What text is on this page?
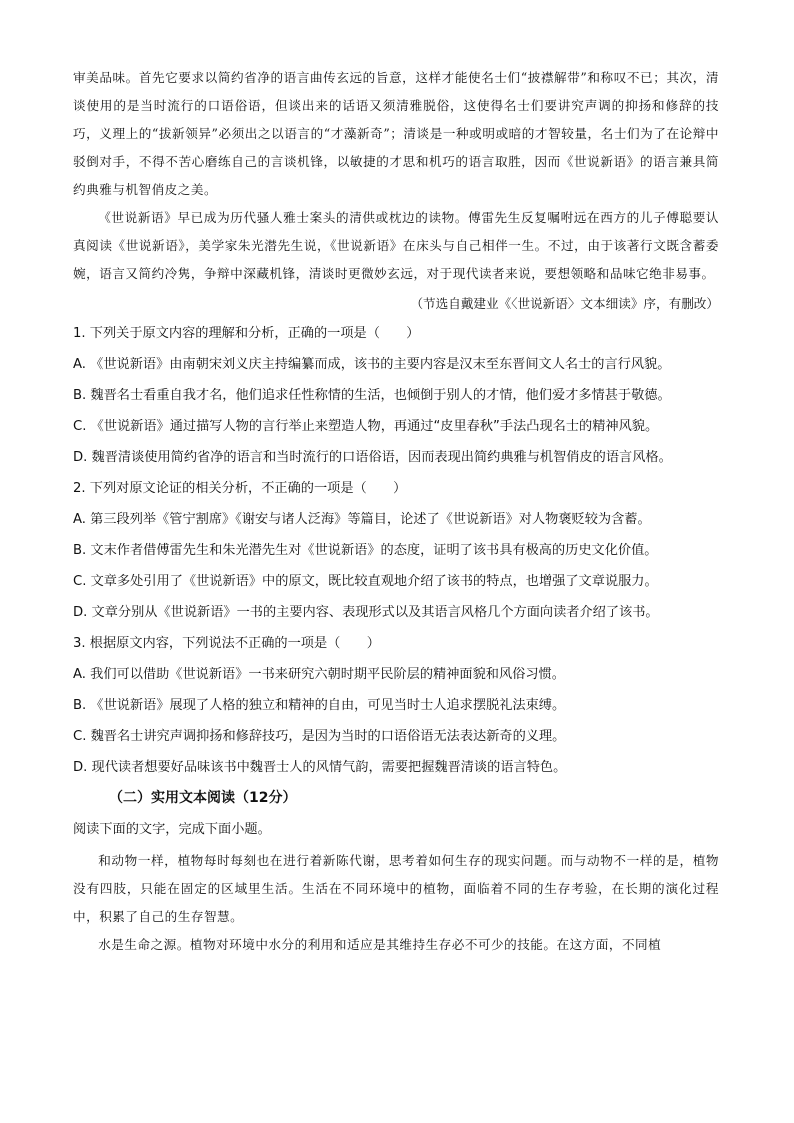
审美品味。首先它要求以简约省净的语言曲传玄远的旨意，这样才能使名士们“披襟解带”和称叹不已；其次，清谈使用的是当时流行的口语俗语，但谈出来的话语又须清雅脱俗，这使得名士们要讲究声调的抑扬和修辞的技巧，义理上的“拔新领异”必须出之以语言的“才藻新奇”；清谈是一种或明或暗的才智较量，名士们为了在论辩中驳倒对手，不得不苦心磨练自己的言谈机锋，以敏捷的才思和机巧的语言取胜，因而《世说新语》的语言兼具简约典雅与机智俏皮之美。

《世说新语》早已成为历代骚人雅士案头的清供或枕边的读物。傅雷先生反复嘱咐远在西方的儿子傅聪要认真阅读《世说新语》，美学家朱光潜先生说，《世说新语》在床头与自己相伴一生。不过，由于该著行文既含蓄委婉，语言又简约冷隽，争辩中深藏机锋，清谈时更微妙玄远，对于现代读者来说，要想领略和品味它绝非易事。

（节选自戴建业《〈世说新语〉文本细读》序，有删改）

1. 下列关于原文内容的理解和分析，正确的一项是（　　）

A. 《世说新语》由南朝宋刘义庆主持编纂而成，该书的主要内容是汉末至东晋间文人名士的言行风貌。

B. 魏晋名士看重自我才名，他们追求任性称情的生活，也倾倒于别人的才情，他们爱才多情甚于敬德。

C. 《世说新语》通过描写人物的言行举止来塑造人物，再通过“皮里春秋”手法凸现名士的精神风貌。

D. 魏晋清谈使用简约省净的语言和当时流行的口语俗语，因而表现出简约典雅与机智俏皮的语言风格。

2. 下列对原文论证的相关分析，不正确的一项是（　　）

A. 第三段列举《管宁割席》《谢安与诸人泛海》等篇目，论述了《世说新语》对人物褒贬较为含蓄。

B. 文末作者借傅雷先生和朱光潜先生对《世说新语》的态度，证明了该书具有极高的历史文化价值。

C. 文章多处引用了《世说新语》中的原文，既比较直观地介绍了该书的特点，也增强了文章说服力。

D. 文章分别从《世说新语》一书的主要内容、表现形式以及其语言风格几个方面向读者介绍了该书。

3. 根据原文内容，下列说法不正确的一项是（　　）

A. 我们可以借助《世说新语》一书来研究六朝时期平民阶层的精神面貌和风俗习惯。

B. 《世说新语》展现了人格的独立和精神的自由，可见当时士人追求摆脱礼法束缚。

C. 魏晋名士讲究声调抑扬和修辞技巧，是因为当时的口语俗语无法表达新奇的义理。

D. 现代读者想要好品味该书中魏晋士人的风情气韵，需要把握魏晋清谈的语言特色。

（二）实用文本阅读（12分）

阅读下面的文字，完成下面小题。

和动物一样，植物每时每刻也在进行着新陈代谢，思考着如何生存的现实问题。而与动物不一样的是，植物没有四肢，只能在固定的区域里生活。生活在不同环境中的植物，面临着不同的生存考验，在长期的演化过程中，积累了自己的生存智慧。

水是生命之源。植物对环境中水分的利用和适应是其维持生存必不可少的技能。在这方面，不同植
